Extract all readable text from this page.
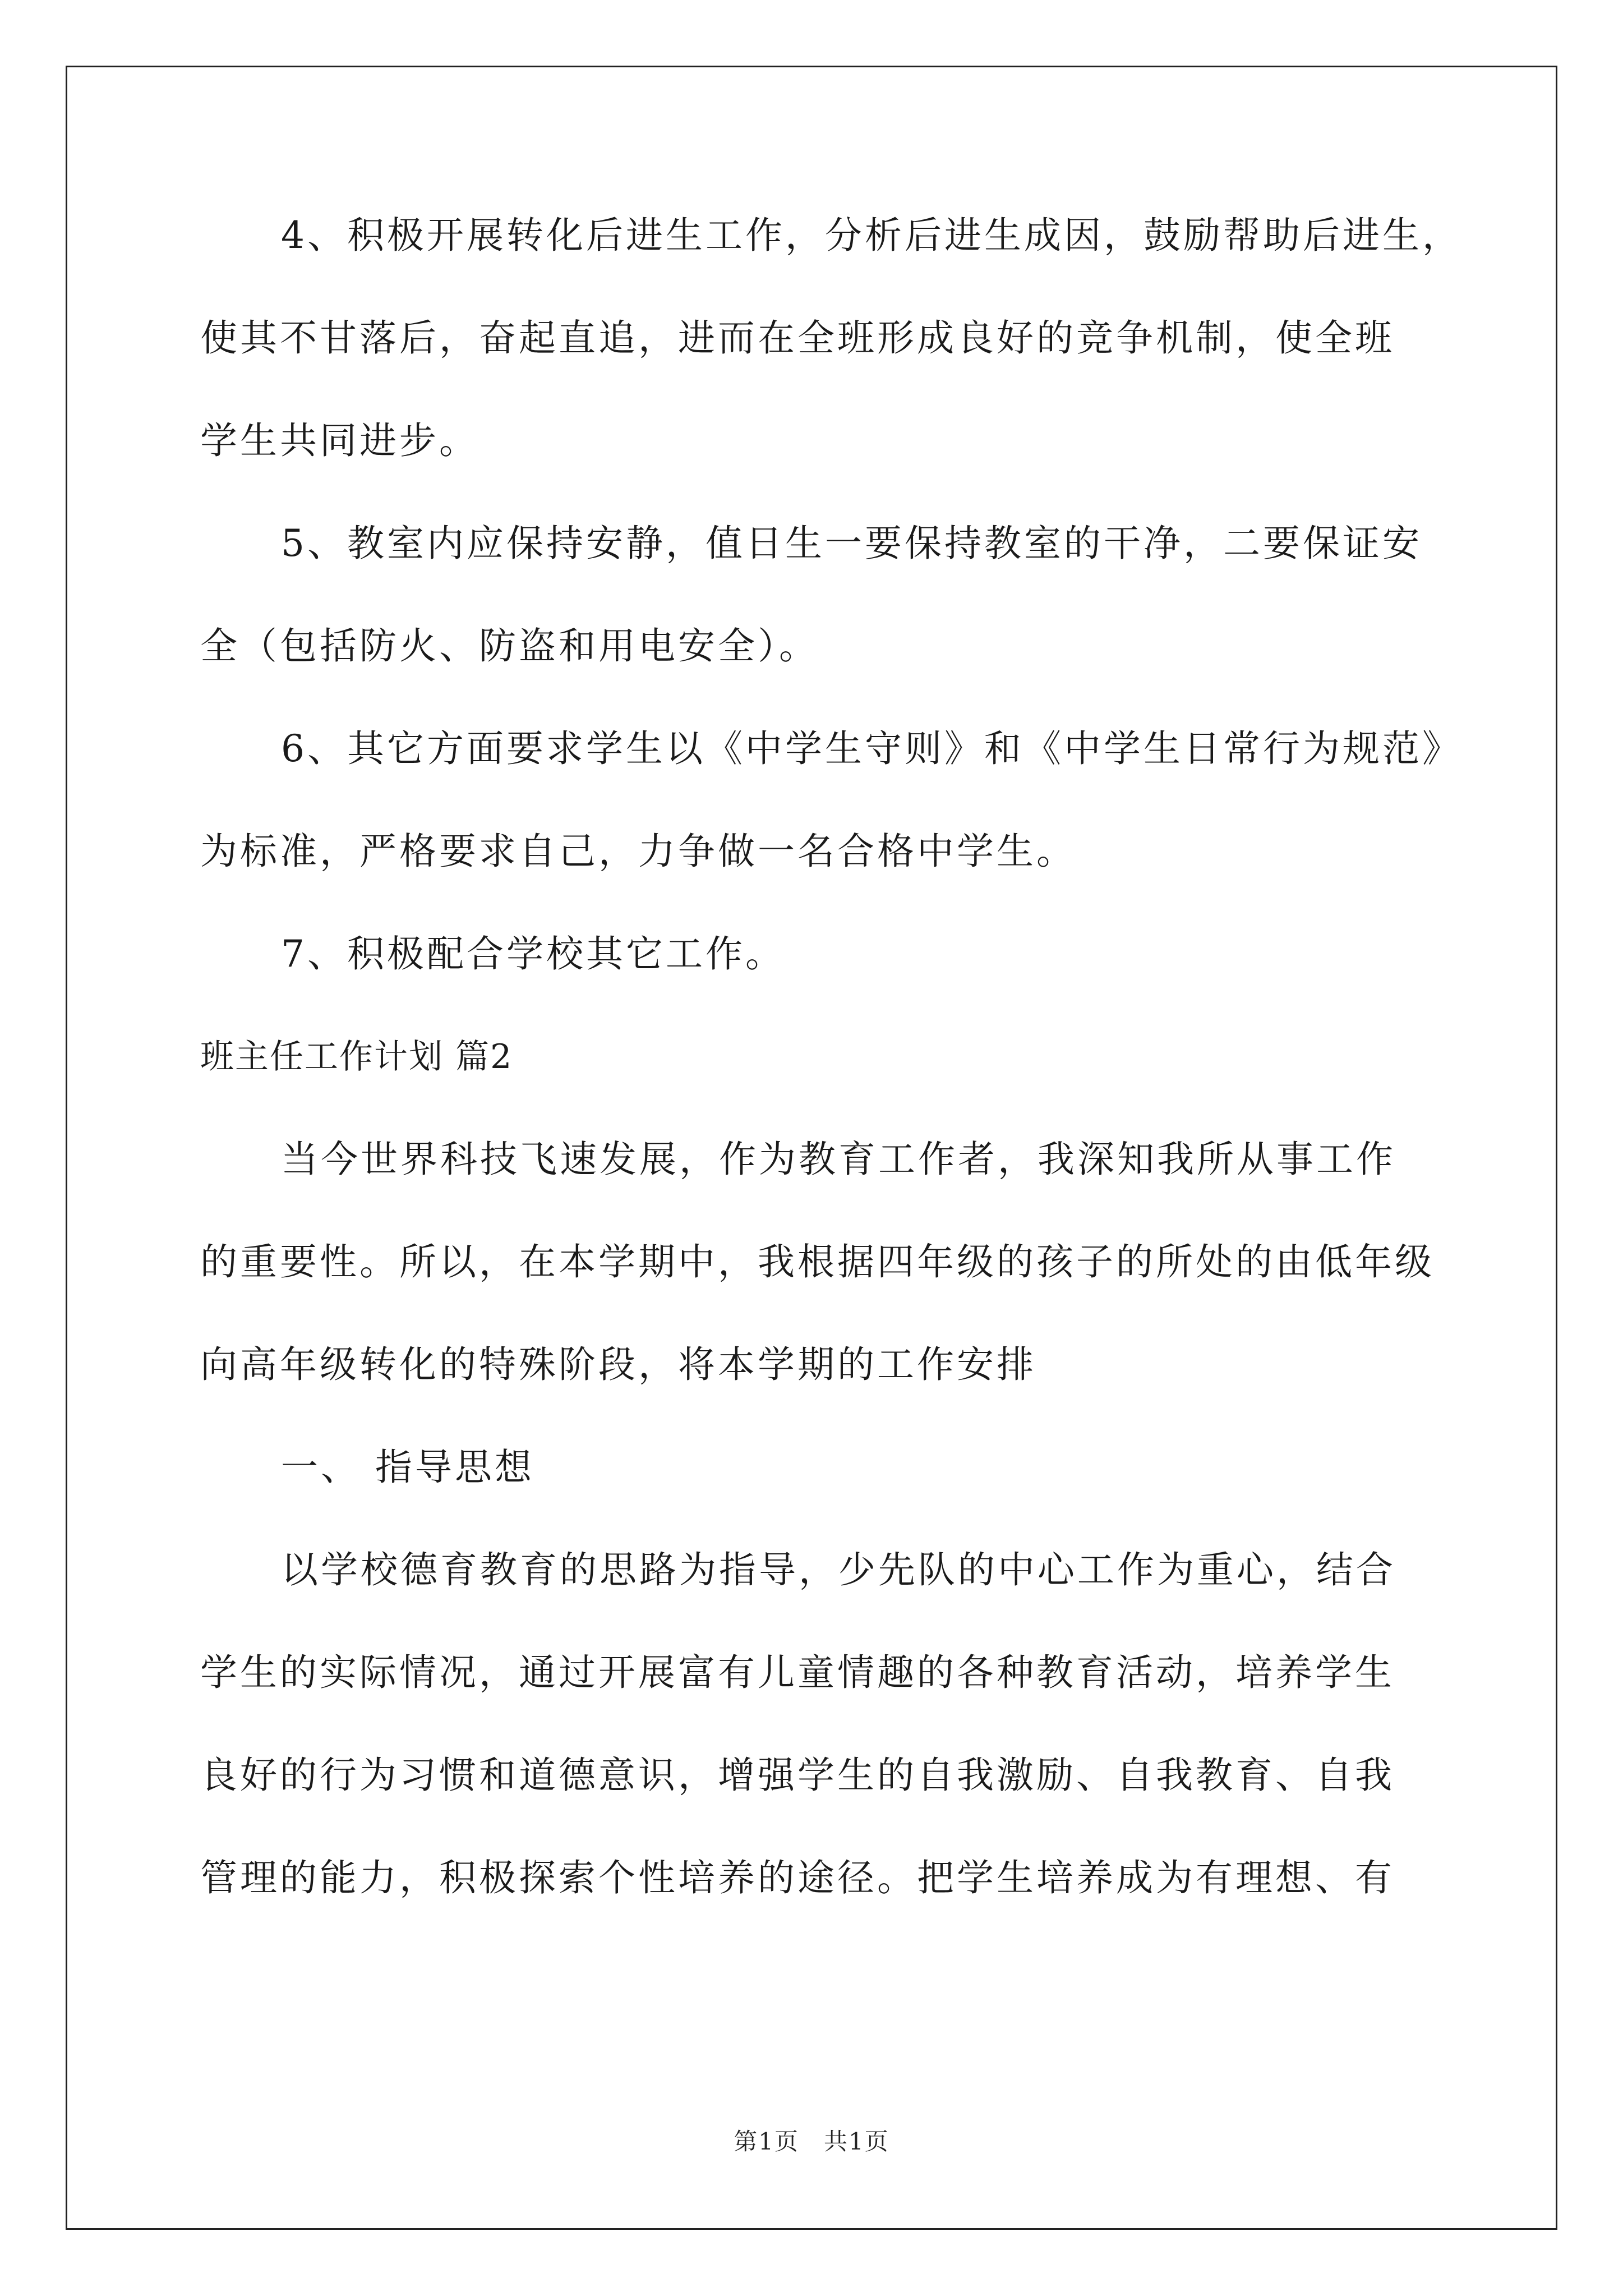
4、积极开展转化后进生工作，分析后进生成因，鼓励帮助后进生，
使其不甘落后，奋起直追，进而在全班形成良好的竞争机制，使全班
学生共同进步。
5、教室内应保持安静，值日生一要保持教室的干净，二要保证安
全（包括防火、防盗和用电安全）。
6、其它方面要求学生以《中学生守则》和《中学生日常行为规范》
为标准，严格要求自己，力争做一名合格中学生。
7、积极配合学校其它工作。
班主任工作计划 篇2
当今世界科技飞速发展，作为教育工作者，我深知我所从事工作
的重要性。所以，在本学期中，我根据四年级的孩子的所处的由低年级
向高年级转化的特殊阶段，将本学期的工作安排
一、 指导思想
以学校德育教育的思路为指导，少先队的中心工作为重心，结合
学生的实际情况，通过开展富有儿童情趣的各种教育活动，培养学生
良好的行为习惯和道德意识，增强学生的自我激励、自我教育、自我
管理的能力，积极探索个性培养的途径。把学生培养成为有理想、有
第1页　共1页
